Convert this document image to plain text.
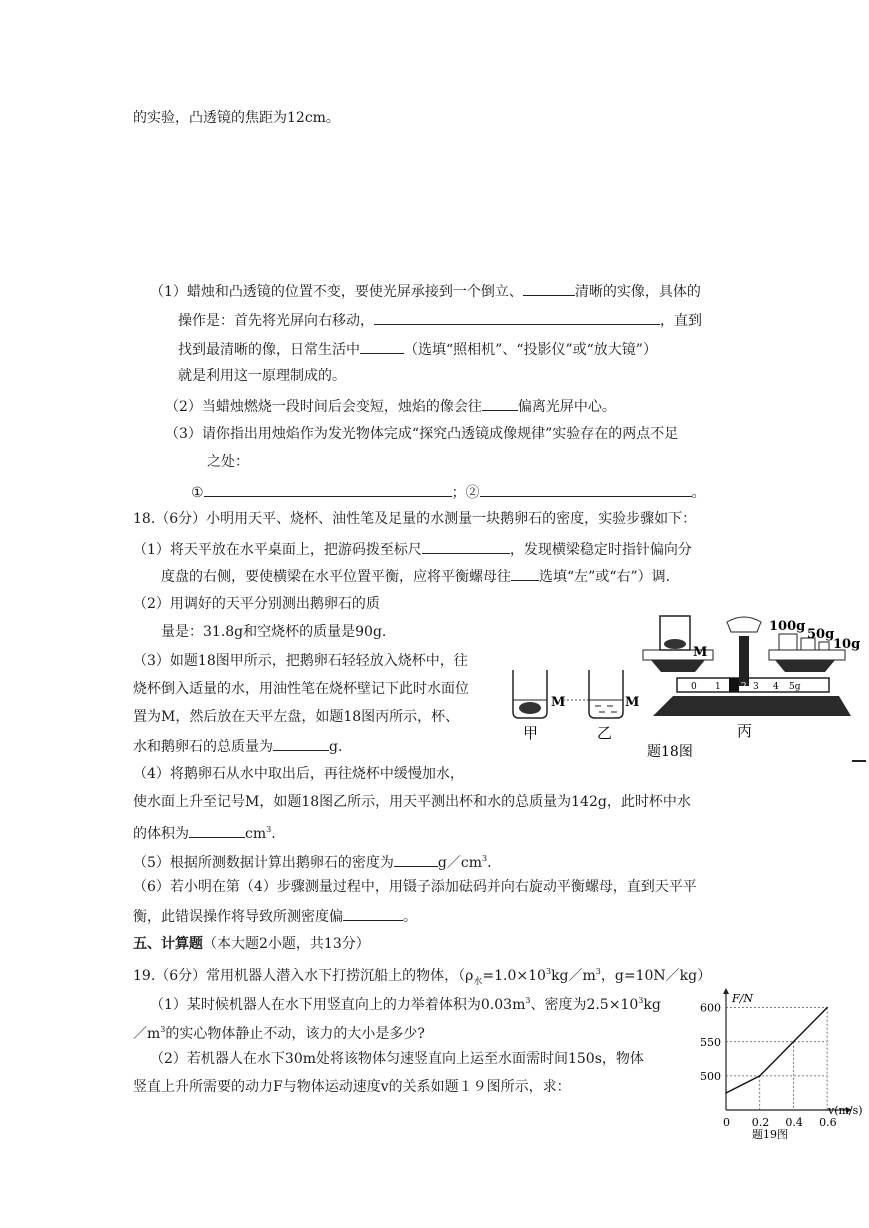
的实验，凸透镜的焦距为12cm。
（1）蜡烛和凸透镜的位置不变，要使光屏承接到一个倒立、	清晰的实像，具体的
操作是：首先将光屏向右移动，	，直到
找到最清晰的像，日常生活中	（选填“照相机”、“投影仪”或“放大镜”）
就是利用这一原理制成的。
（2）当蜡烛燃烧一段时间后会变短，烛焰的像会往	偏离光屏中心。
（3）请你指出用烛焰作为发光物体完成“探究凸透镜成像规律”实验存在的两点不足
之处：
①	；②	。
18.（6分）小明用天平、烧杯、油性笔及足量的水测量一块鹅卵石的密度，实验步骤如下：
（1）将天平放在水平桌面上，把游码拨至标尺	，发现横梁稳定时指针偏向分
度盘的右侧，要使横梁在水平位置平衡，应将平衡螺母往 选填“左”或“右”）调.
（2）用调好的天平分别测出鹅卵石的质
量是：31.8g和空烧杯的质量是90g.
（3）如题18图甲所示，把鹅卵石轻轻放入烧杯中，往
烧杯倒入适量的水，用油性笔在烧杯壁记下此时水面位
置为M，然后放在天平左盘，如题18图丙所示，杯、
水和鹅卵石的总质量为	g.
（4）将鹅卵石从水中取出后，再往烧杯中缓慢加水，
使水面上升至记号M，如题18图乙所示，用天平测出杯和水的总质量为142g，此时杯中水
的体积为	$cm^3$.
（5）根据所测数据计算出鹅卵石的密度为	$g/cm^3$.
（6）若小明在第（4）步骤测量过程中，用镊子添加砝码并向右旋动平衡螺母，直到天平平
衡，此错误操作将导致所测密度偏	。
M	M
甲	乙
M
100g
50g
10g
0 1 2 3 4 5g
丙
题18图
五、计算题（本大题2小题，共13分）
19.（6分）常用机器人潜入水下打捞沉船上的物体，（$\rho_水=1.0\times 10^3kg/m^3$，g=10N／kg）
（1）某时候机器人在水下用竖直向上的力举着体积为$0.03m^3$、密度为$2.5\times 10^3kg$
$/m^3$的实心物体静止不动，该力的大小是多少?
（2）若机器人在水下30m处将该物体匀速竖直向上运至水面需时间150s，物体
竖直上升所需要的动力F与物体运动速度v的关系如题１９图所示，求：
F/N
v(m/s)
0 0.2 0.4 0.6
500
550
600
题19图
